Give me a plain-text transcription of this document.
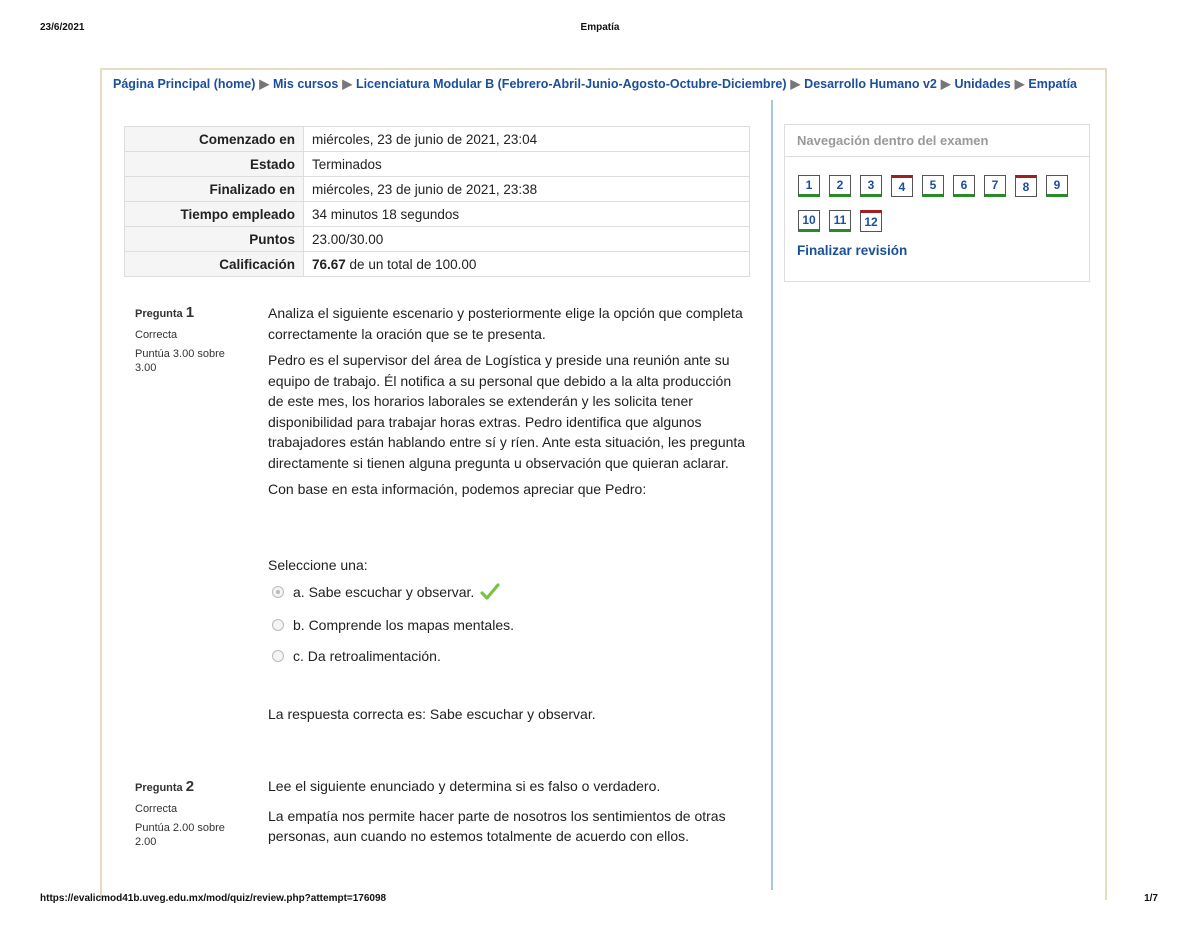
23/6/2021	Empatía
Página Principal (home) ▶ Mis cursos ▶ Licenciatura Modular B (Febrero-Abril-Junio-Agosto-Octubre-Diciembre) ▶ Desarrollo Humano v2 ▶ Unidades ▶ Empatía
Comenzado en	miércoles, 23 de junio de 2021, 23:04
Estado	Terminados
Finalizado en	miércoles, 23 de junio de 2021, 23:38
Tiempo empleado	34 minutos 18 segundos
Puntos	23.00/30.00
Calificación	76.67 de un total de 100.00
Pregunta 1
Correcta
Puntúa 3.00 sobre 3.00

Analiza el siguiente escenario y posteriormente elige la opción que completa correctamente la oración que se te presenta.

Pedro es el supervisor del área de Logística y preside una reunión ante su equipo de trabajo. Él notifica a su personal que debido a la alta producción de este mes, los horarios laborales se extenderán y les solicita tener disponibilidad para trabajar horas extras. Pedro identifica que algunos trabajadores están hablando entre sí y ríen. Ante esta situación, les pregunta directamente si tienen alguna pregunta u observación que quieran aclarar.

Con base en esta información, podemos apreciar que Pedro:

Seleccione una:
a. Sabe escuchar y observar.
b. Comprende los mapas mentales.
c. Da retroalimentación.
La respuesta correcta es: Sabe escuchar y observar.
Pregunta 2
Correcta
Puntúa 2.00 sobre 2.00

Lee el siguiente enunciado y determina si es falso o verdadero.

La empatía nos permite hacer parte de nosotros los sentimientos de otras personas, aun cuando no estemos totalmente de acuerdo con ellos.

Navegación dentro del examen
1	2	3	4	5	6	7	8	9
10	11	12
Finalizar revisión
https://evalicmod41b.uveg.edu.mx/mod/quiz/review.php?attempt=176098	1/7
